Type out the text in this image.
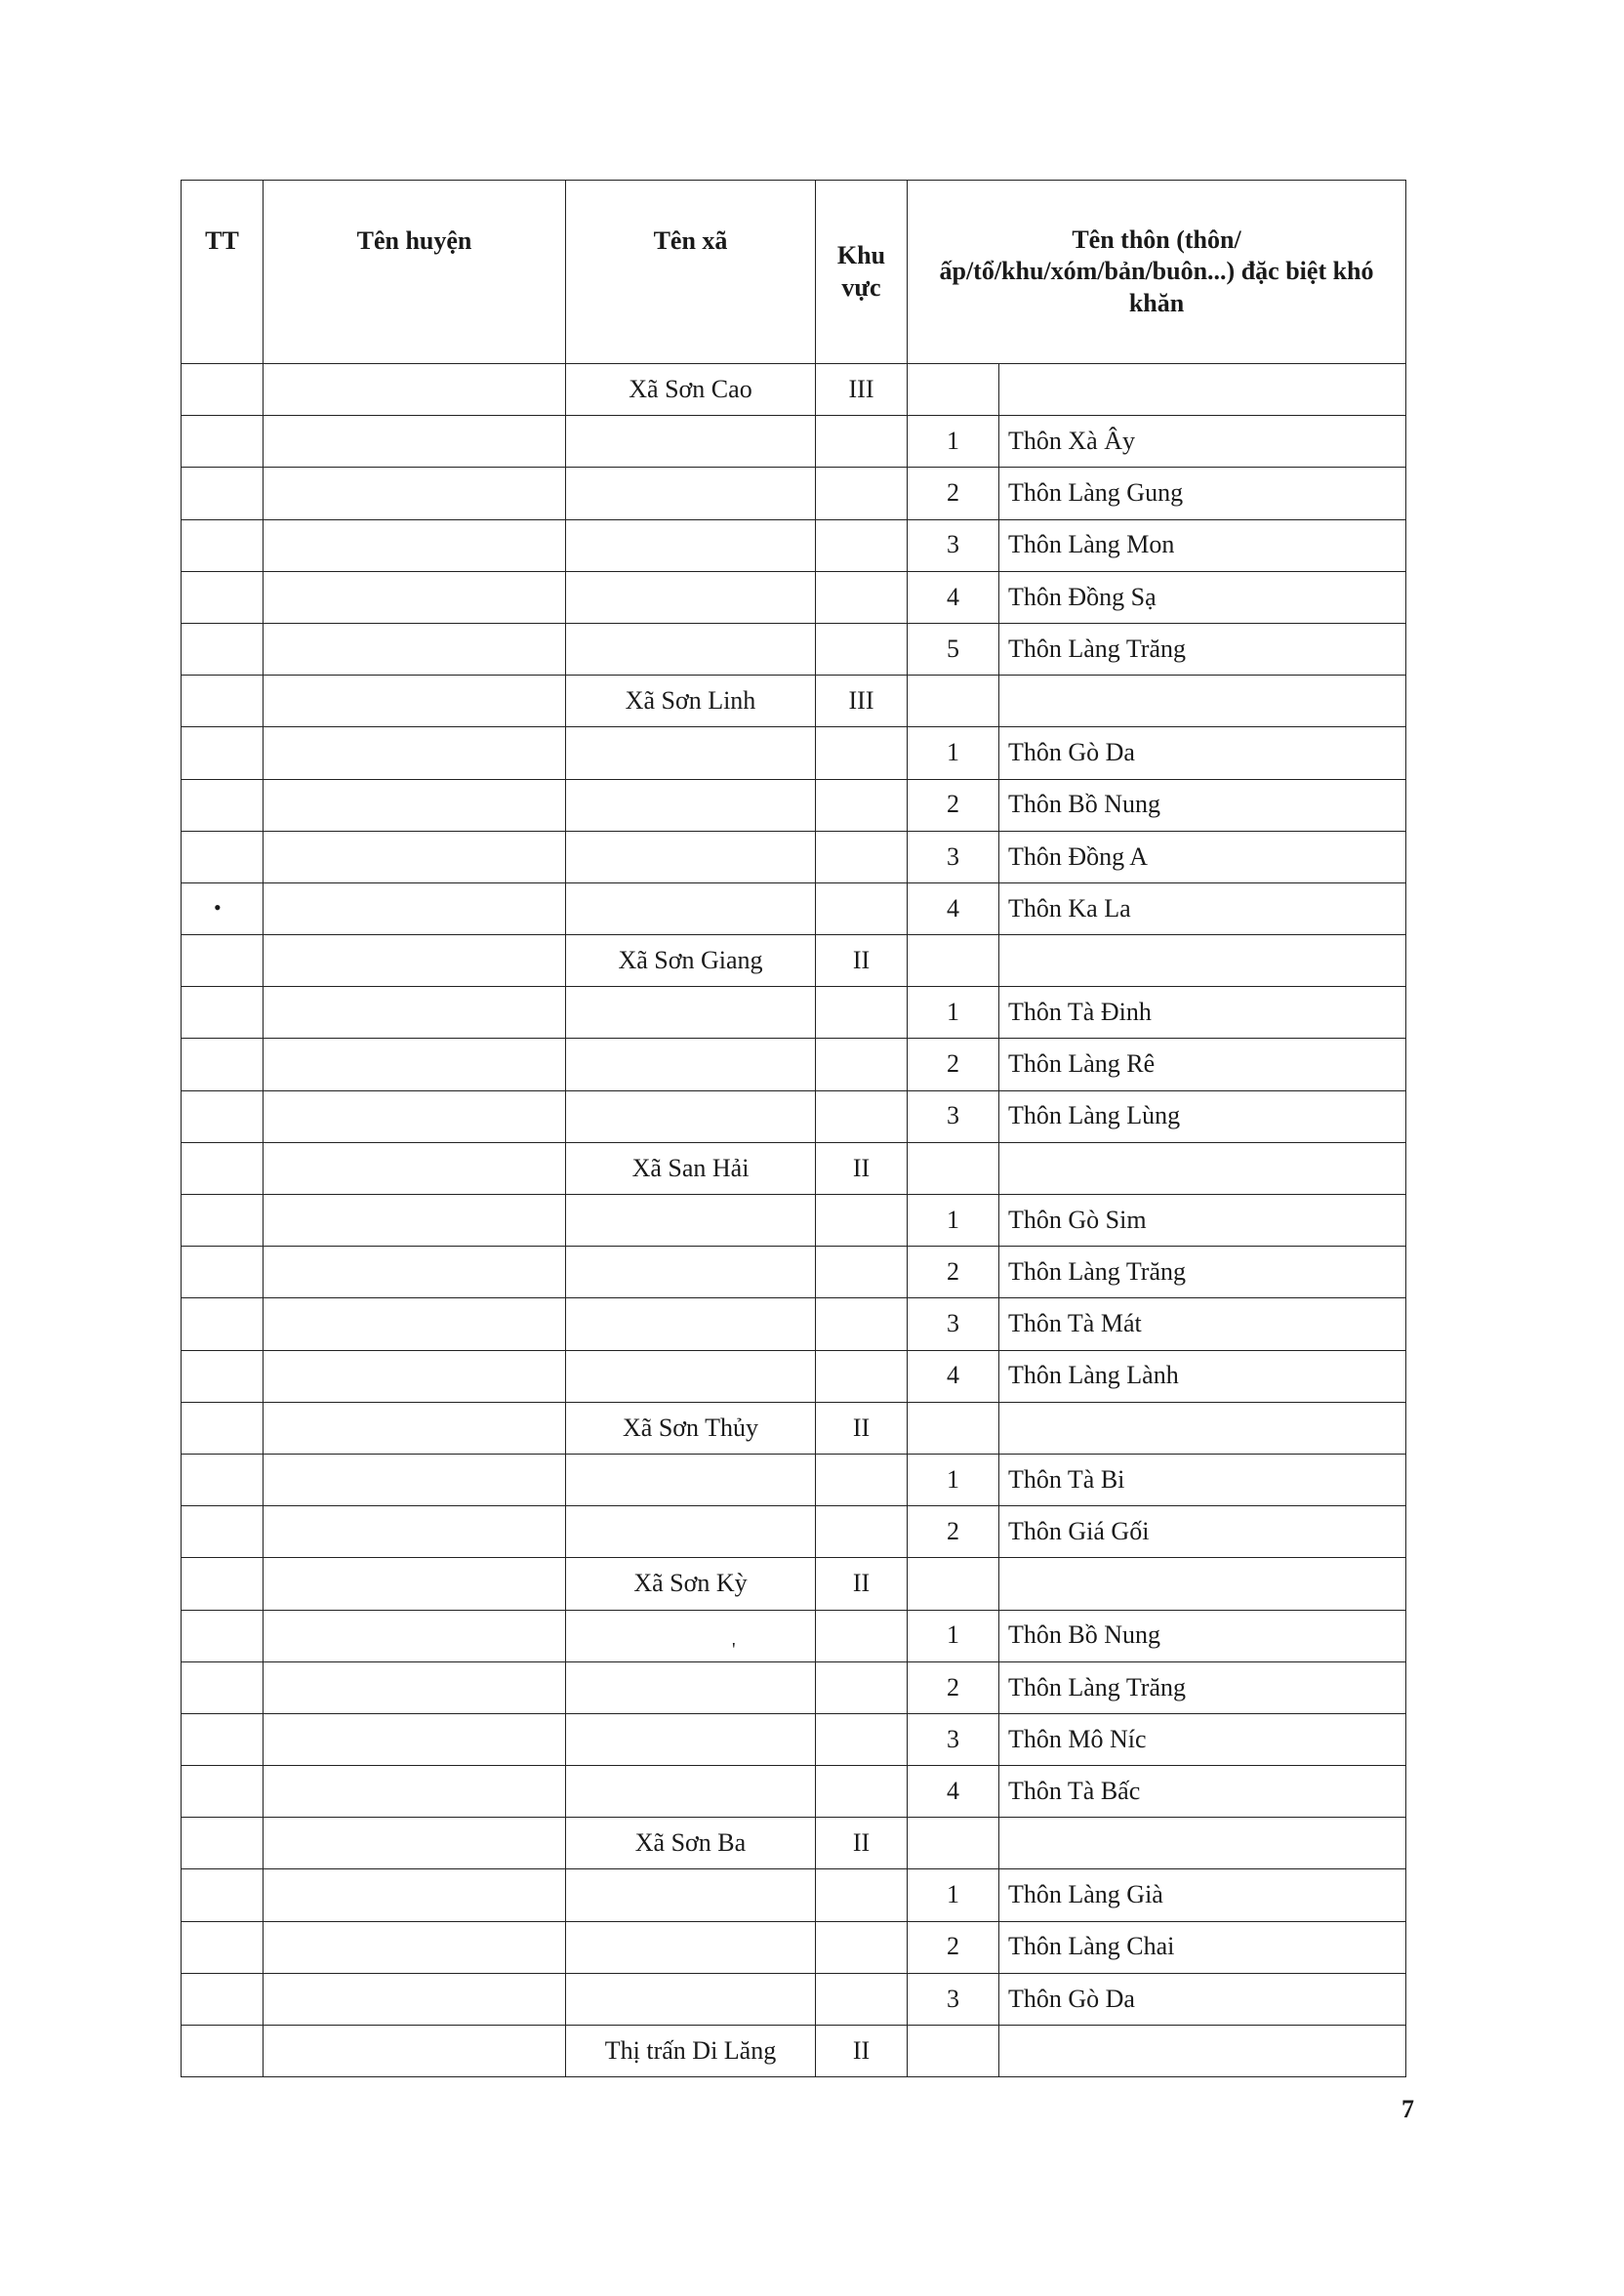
TT	Tên huyện	Tên xã	Khu vực	Tên thôn (thôn/ấp/tổ/khu/xóm/bản/buôn...) đặc biệt khó khăn	
		Xã Sơn Cao	III		
				1	Thôn Xà Ây
				2	Thôn Làng Gung
				3	Thôn Làng Mon
				4	Thôn Đồng Sạ
				5	Thôn Làng Trăng
		Xã Sơn Linh	III		
				1	Thôn Gò Da
				2	Thôn Bồ Nung
				3	Thôn Đồng A
				4	Thôn Ka La
		Xã Sơn Giang	II		
				1	Thôn Tà Đinh
				2	Thôn Làng Rê
				3	Thôn Làng Lùng
		Xã San Hải	II		
				1	Thôn Gò Sim
				2	Thôn Làng Trăng
				3	Thôn Tà Mát
				4	Thôn Làng Lành
		Xã Sơn Thủy	II		
				1	Thôn Tà Bi
				2	Thôn Giá Gối
		Xã Sơn Kỳ	II		
				1	Thôn Bồ Nung
				2	Thôn Làng Trăng
				3	Thôn Mô Níc
				4	Thôn Tà Bấc
		Xã Sơn Ba	II		
				1	Thôn Làng Già
				2	Thôn Làng Chai
				3	Thôn Gò Da
		Thị trấn Di Lăng	II		
•
'
7
